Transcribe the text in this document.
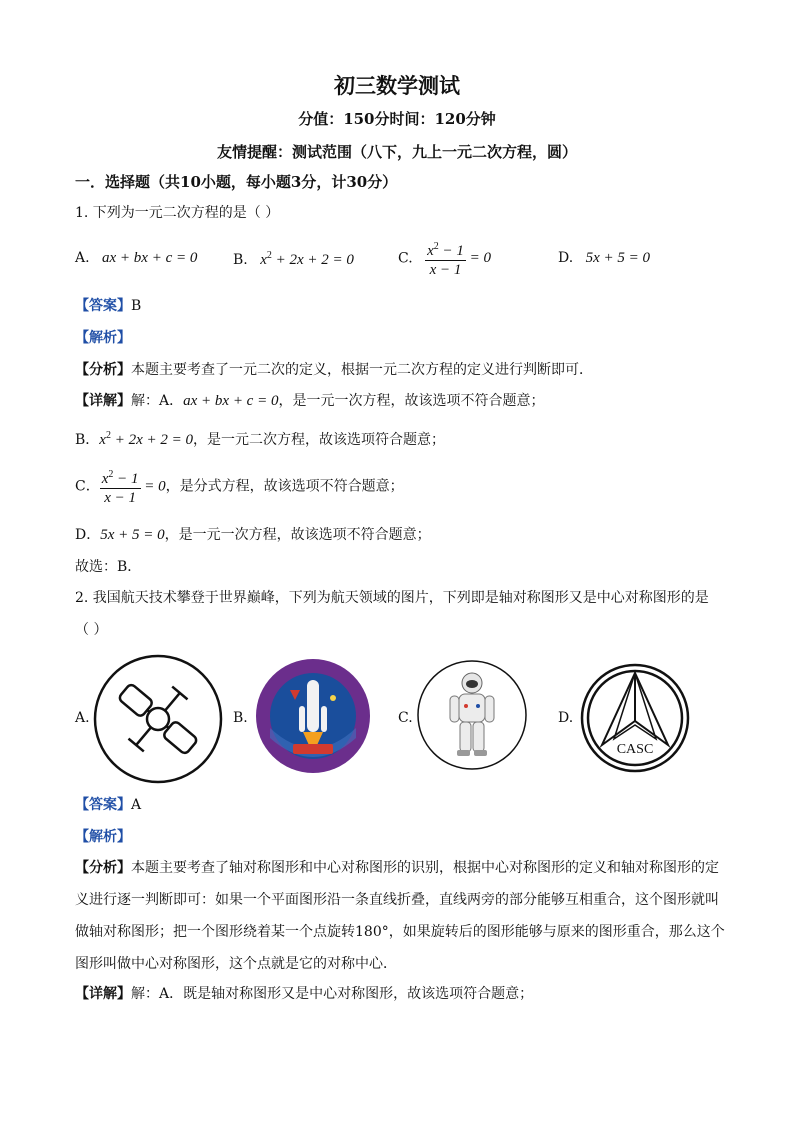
初三数学测试
分值：150分时间：120分钟
友情提醒：测试范围（八下，九上一元二次方程，圆）
一．选择题（共10小题，每小题3分，计30分）
1. 下列为一元二次方程的是（ ）
A. ax + bx + c = 0	B. $x^2 + 2x + 2 = 0$	C. $\frac{x^2 - 1}{x - 1} = 0$	D. 5x + 5 = 0
【答案】B
【解析】
【分析】本题主要考查了一元二次的定义，根据一元二次方程的定义进行判断即可．
【详解】解：A．ax + bx + c = 0，是一元一次方程，故该选项不符合题意；
B．$x^2 + 2x + 2 = 0$，是一元二次方程，故该选项符合题意；
C． $\frac{x^2 - 1}{x - 1} = 0$，是分式方程，故该选项不符合题意；
D．5x + 5 = 0，是一元一次方程，故该选项不符合题意；
故选：B．
2. 我国航天技术攀登于世界巅峰，下列为航天领域的图片，下列即是轴对称图形又是中心对称图形的是
（ ）
A.	B.	C.	D.
CASC
【答案】A
【解析】
【分析】本题主要考查了轴对称图形和中心对称图形的识别，根据中心对称图形的定义和轴对称图形的定义进行逐一判断即可：如果一个平面图形沿一条直线折叠，直线两旁的部分能够互相重合，这个图形就叫做轴对称图形；把一个图形绕着某一个点旋转180°，如果旋转后的图形能够与原来的图形重合，那么这个图形叫做中心对称图形，这个点就是它的对称中心．
【详解】解：A．既是轴对称图形又是中心对称图形，故该选项符合题意；
